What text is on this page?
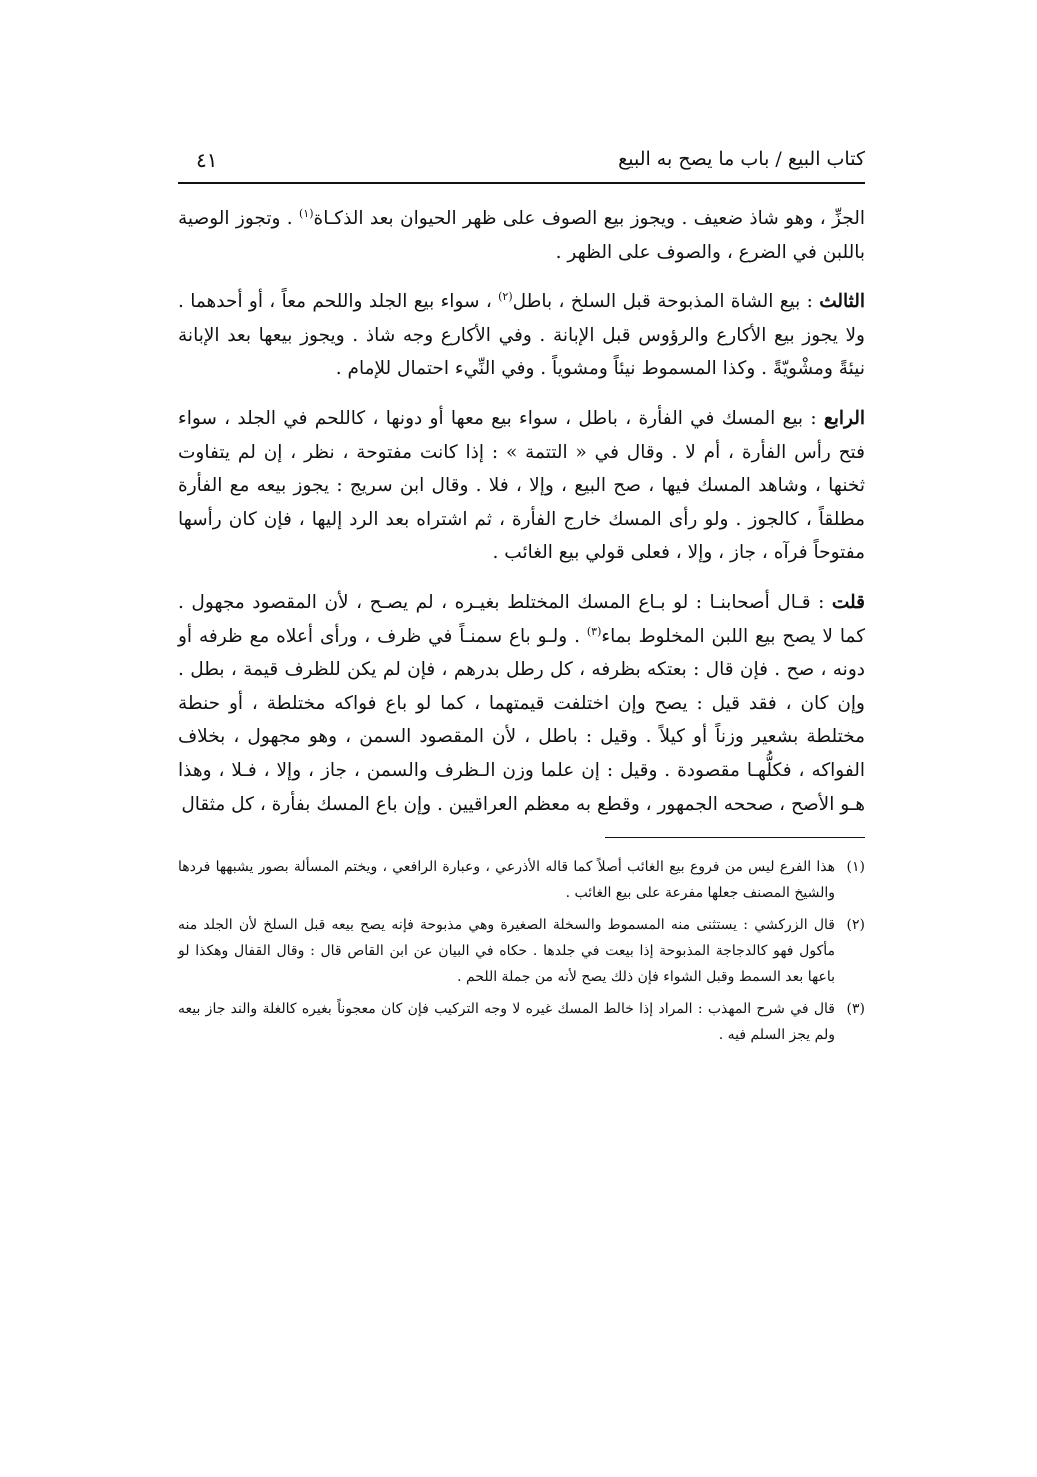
كتاب البيع / باب ما يصح به البيع
٤١

الجزِّ ، وهو شاذ ضعيف . ويجوز بيع الصوف على ظهر الحيوان بعد الذكـاة$^{(١)}$ . وتجوز الوصية باللبن في الضرع ، والصوف على الظهر .

الثالث : بيع الشاة المذبوحة قبل السلخ ، باطل$^{(٢)}$ ، سواء بيع الجلد واللحم معاً ، أو أحدهما . ولا يجوز بيع الأكارع والرؤوس قبل الإبانة . وفي الأكارع وجه شاذ . ويجوز بيعها بعد الإبانة نيئةً ومشْويّةً . وكذا المسموط نيئاً ومشوياً . وفي النِّيء احتمال للإمام .

الرابع : بيع المسك في الفأرة ، باطل ، سواء بيع معها أو دونها ، كاللحم في الجلد ، سواء فتح رأس الفأرة ، أم لا . وقال في « التتمة » : إذا كانت مفتوحة ، نظر ، إن لم يتفاوت ثخنها ، وشاهد المسك فيها ، صح البيع ، وإلا ، فلا . وقال ابن سريج : يجوز بيعه مع الفأرة مطلقاً ، كالجوز . ولو رأى المسك خارج الفأرة ، ثم اشتراه بعد الرد إليها ، فإن كان رأسها مفتوحاً فرآه ، جاز ، وإلا ، فعلى قولي بيع الغائب .

قلت : قـال أصحابنـا : لو بـاع المسك المختلط بغيـره ، لم يصـح ، لأن المقصود مجهول . كما لا يصح بيع اللبن المخلوط بماء$^{(٣)}$ . ولـو باع سمنـاً في ظرف ، ورأى أعلاه مع ظرفه أو دونه ، صح . فإن قال : بعتكه بظرفه ، كل رطل بدرهم ، فإن لم يكن للظرف قيمة ، بطل . وإن كان ، فقد قيل : يصح وإن اختلفت قيمتهما ، كما لو باع فواكه مختلطة ، أو حنطة مختلطة بشعير وزناً أو كيلاً . وقيل : باطل ، لأن المقصود السمن ، وهو مجهول ، بخلاف الفواكه ، فكلُّهـا مقصودة . وقيل : إن علما وزن الـظرف والسمن ، جاز ، وإلا ، فـلا ، وهذا هـو الأصح ، صححه الجمهور ، وقطع به معظم العراقيين . وإن باع المسك بفأرة ، كل مثقال

(١)
هذا الفرع ليس من فروع بيع الغائب أصلاً كما قاله الأذرعي ، وعبارة الرافعي ، ويختم المسألة بصور يشبهها فردها والشيخ المصنف جعلها مفرعة على بيع الغائب .
(٢)
قال الزركشي : يستثنى منه المسموط والسخلة الصغيرة وهي مذبوحة فإنه يصح بيعه قبل السلخ لأن الجلد منه مأكول فهو كالدجاجة المذبوحة إذا بيعت في جلدها . حكاه في البيان عن ابن القاص قال : وقال القفال وهكذا لو باعها بعد السمط وقبل الشواء فإن ذلك يصح لأنه من جملة اللحم .
(٣)
قال في شرح المهذب : المراد إذا خالط المسك غيره لا وجه التركيب فإن كان معجوناً بغيره كالغلة والند جاز بيعه ولم يجز السلم فيه .
